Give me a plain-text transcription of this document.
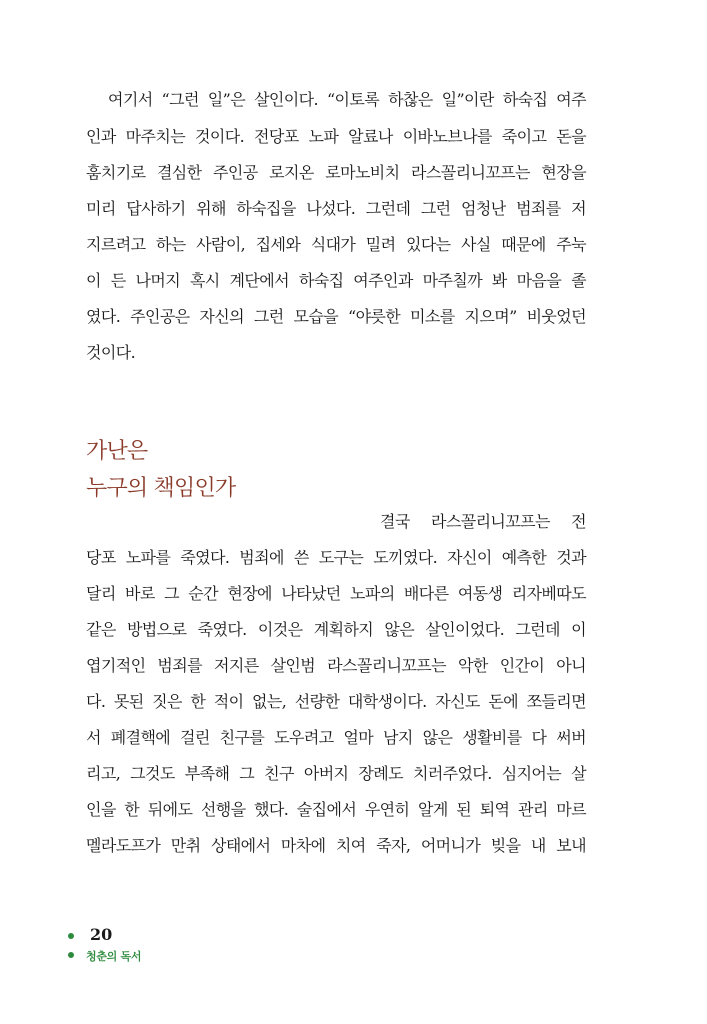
여기서 “그런 일”은 살인이다. “이토록 하찮은 일”이란 하숙집 여주
인과 마주치는 것이다. 전당포 노파 알료나 이바노브나를 죽이고 돈을
훔치기로 결심한 주인공 로지온 로마노비치 라스꼴리니꼬프는 현장을
미리 답사하기 위해 하숙집을 나섰다. 그런데 그런 엄청난 범죄를 저
지르려고 하는 사람이, 집세와 식대가 밀려 있다는 사실 때문에 주눅
이 든 나머지 혹시 계단에서 하숙집 여주인과 마주칠까 봐 마음을 졸
였다. 주인공은 자신의 그런 모습을 “야릇한 미소를 지으며” 비웃었던
것이다.
가난은
누구의 책임인가
결국 라스꼴리니꼬프는 전
당포 노파를 죽였다. 범죄에 쓴 도구는 도끼였다. 자신이 예측한 것과
달리 바로 그 순간 현장에 나타났던 노파의 배다른 여동생 리자베따도
같은 방법으로 죽였다. 이것은 계획하지 않은 살인이었다. 그런데 이
엽기적인 범죄를 저지른 살인범 라스꼴리니꼬프는 악한 인간이 아니
다. 못된 짓은 한 적이 없는, 선량한 대학생이다. 자신도 돈에 쪼들리면
서 폐결핵에 걸린 친구를 도우려고 얼마 남지 않은 생활비를 다 써버
리고, 그것도 부족해 그 친구 아버지 장례도 치러주었다. 심지어는 살
인을 한 뒤에도 선행을 했다. 술집에서 우연히 알게 된 퇴역 관리 마르
멜라도프가 만취 상태에서 마차에 치여 죽자, 어머니가 빚을 내 보내
20
청춘의 독서
